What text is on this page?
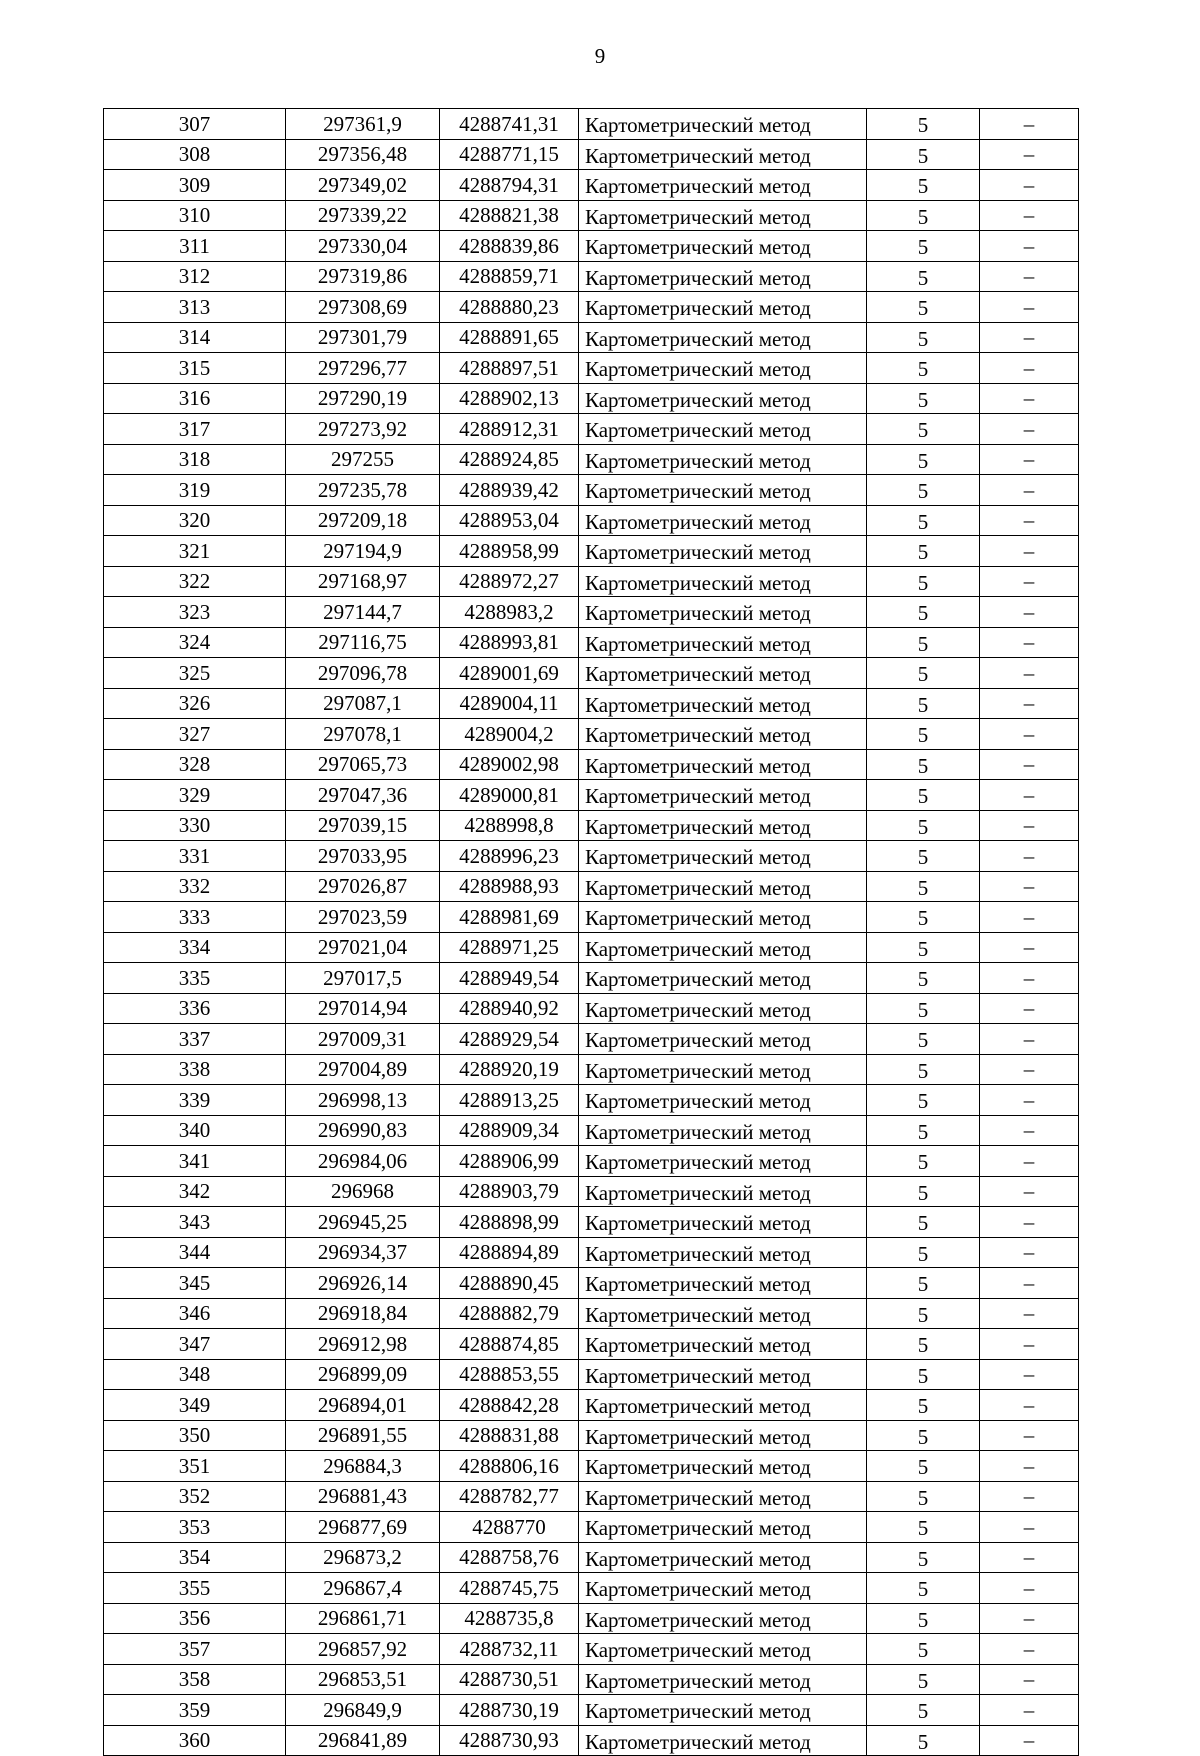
9
307	297361,9	4288741,31	Картометрический метод	5	–
308	297356,48	4288771,15	Картометрический метод	5	–
309	297349,02	4288794,31	Картометрический метод	5	–
310	297339,22	4288821,38	Картометрический метод	5	–
311	297330,04	4288839,86	Картометрический метод	5	–
312	297319,86	4288859,71	Картометрический метод	5	–
313	297308,69	4288880,23	Картометрический метод	5	–
314	297301,79	4288891,65	Картометрический метод	5	–
315	297296,77	4288897,51	Картометрический метод	5	–
316	297290,19	4288902,13	Картометрический метод	5	–
317	297273,92	4288912,31	Картометрический метод	5	–
318	297255	4288924,85	Картометрический метод	5	–
319	297235,78	4288939,42	Картометрический метод	5	–
320	297209,18	4288953,04	Картометрический метод	5	–
321	297194,9	4288958,99	Картометрический метод	5	–
322	297168,97	4288972,27	Картометрический метод	5	–
323	297144,7	4288983,2	Картометрический метод	5	–
324	297116,75	4288993,81	Картометрический метод	5	–
325	297096,78	4289001,69	Картометрический метод	5	–
326	297087,1	4289004,11	Картометрический метод	5	–
327	297078,1	4289004,2	Картометрический метод	5	–
328	297065,73	4289002,98	Картометрический метод	5	–
329	297047,36	4289000,81	Картометрический метод	5	–
330	297039,15	4288998,8	Картометрический метод	5	–
331	297033,95	4288996,23	Картометрический метод	5	–
332	297026,87	4288988,93	Картометрический метод	5	–
333	297023,59	4288981,69	Картометрический метод	5	–
334	297021,04	4288971,25	Картометрический метод	5	–
335	297017,5	4288949,54	Картометрический метод	5	–
336	297014,94	4288940,92	Картометрический метод	5	–
337	297009,31	4288929,54	Картометрический метод	5	–
338	297004,89	4288920,19	Картометрический метод	5	–
339	296998,13	4288913,25	Картометрический метод	5	–
340	296990,83	4288909,34	Картометрический метод	5	–
341	296984,06	4288906,99	Картометрический метод	5	–
342	296968	4288903,79	Картометрический метод	5	–
343	296945,25	4288898,99	Картометрический метод	5	–
344	296934,37	4288894,89	Картометрический метод	5	–
345	296926,14	4288890,45	Картометрический метод	5	–
346	296918,84	4288882,79	Картометрический метод	5	–
347	296912,98	4288874,85	Картометрический метод	5	–
348	296899,09	4288853,55	Картометрический метод	5	–
349	296894,01	4288842,28	Картометрический метод	5	–
350	296891,55	4288831,88	Картометрический метод	5	–
351	296884,3	4288806,16	Картометрический метод	5	–
352	296881,43	4288782,77	Картометрический метод	5	–
353	296877,69	4288770	Картометрический метод	5	–
354	296873,2	4288758,76	Картометрический метод	5	–
355	296867,4	4288745,75	Картометрический метод	5	–
356	296861,71	4288735,8	Картометрический метод	5	–
357	296857,92	4288732,11	Картометрический метод	5	–
358	296853,51	4288730,51	Картометрический метод	5	–
359	296849,9	4288730,19	Картометрический метод	5	–
360	296841,89	4288730,93	Картометрический метод	5	–
